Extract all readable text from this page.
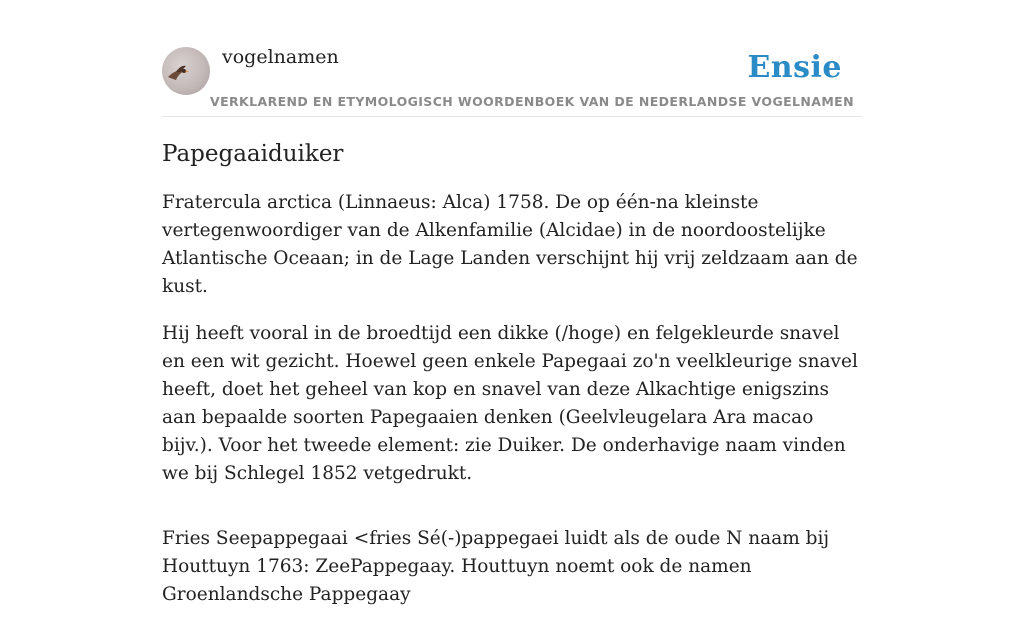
vogelnamen	Ensie
VERKLAREND EN ETYMOLOGISCH WOORDENBOEK VAN DE NEDERLANDSE VOGELNAMEN
Papegaaiduiker

Fratercula arctica (Linnaeus: Alca) 1758. De op één-na kleinste vertegenwoordiger van de Alkenfamilie (Alcidae) in de noordoostelijke Atlantische Oceaan; in de Lage Landen verschijnt hij vrij zeldzaam aan de kust.

Hij heeft vooral in de broedtijd een dikke (/hoge) en felgekleurde snavel en een wit gezicht. Hoewel geen enkele Papegaai zo'n veelkleurige snavel heeft, doet het geheel van kop en snavel van deze Alkachtige enigszins aan bepaalde soorten Papegaaien denken (Geelvleugelara Ara macao bijv.). Voor het tweede element: zie Duiker. De onderhavige naam vinden we bij Schlegel 1852 vetgedrukt.

Fries Seepappegaai <fries Sé(-)pappegaei luidt als de oude N naam bij Houttuyn 1763: ZeePappegaay. Houttuyn noemt ook de namen Groenlandsche Pappegaay
